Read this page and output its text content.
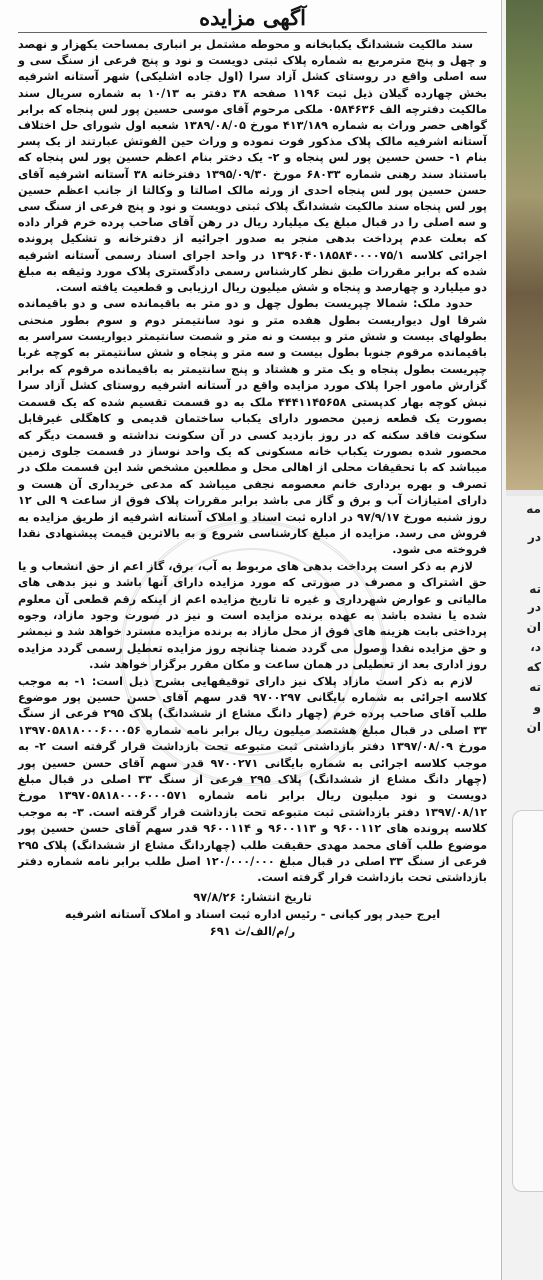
آگهی مزایده

سند مالکیت ششدانگ یکبابخانه و محوطه مشتمل بر انباری بمساحت یکهزار و نهصد و چهل و پنج مترمربع به شماره پلاک ثبتی دویست و نود و پنج فرعی از سنگ سی و سه اصلی واقع در روستای کشل آزاد سرا (اول جاده اشلیکی) شهر آستانه اشرفیه بخش چهارده گیلان ذیل ثبت ۱۱۹۶ صفحه ۳۸ دفتر به ۱۰/۱۳ به شماره سریال سند مالکیت دفترچه الف ۰۵۸۴۶۳۶ ملکی مرحوم آقای موسی حسین پور لس پنجاه که برابر گواهی حصر وراث به شماره ۴۱۳/۱۸۹ مورخ ۱۳۸۹/۰۸/۰۵ شعبه اول شورای حل اختلاف آستانه اشرفیه مالک پلاک مذکور فوت نموده و وراث حین الفوتش عبارتند از یک پسر بنام ۱- حسن حسین پور لس پنجاه و ۲- یک دختر بنام اعظم حسین پور لس پنجاه که باستناد سند رهنی شماره ۶۸۰۳۳ مورخ ۱۳۹۵/۰۹/۳۰ دفترخانه ۳۸ آستانه اشرفیه آقای حسن حسین پور لس پنجاه احدی از ورثه مالک اصالتا و وکالتا از جانب اعظم حسین پور لس پنجاه سند مالکیت ششدانگ پلاک ثبتی دویست و نود و پنج فرعی از سنگ سی و سه اصلی را در قبال مبلغ یک میلیارد ریال در رهن آقای صاحب پرده خرم قرار داده که بعلت عدم پرداخت بدهی منجر به صدور اجرائیه از دفترخانه و تشکیل پرونده اجرائی کلاسه ۱۳۹۶۰۴۰۱۸۵۸۴۰۰۰۰۷۵/۱ در واحد اجرای اسناد رسمی آستانه اشرفیه شده که برابر مقررات طبق نظر کارشناس رسمی دادگستری پلاک مورد وثیقه به مبلغ دو میلیارد و چهارصد و پنجاه و شش میلیون ریال ارزیابی و قطعیت یافته است.

حدود ملک: شمالا چپریست بطول چهل و دو متر به باقیمانده سی و دو باقیمانده شرقا اول دیواریست بطول هفده متر و نود سانتیمتر دوم و سوم بطور منحنی بطولهای بیست و شش متر و بیست و نه متر و شصت سانتیمتر دیواریست سراسر به باقیمانده مرقوم جنوبا بطول بیست و سه متر و پنجاه و شش سانتیمتر به کوچه غربا چپریست بطول پنجاه و یک متر و هشتاد و پنج سانتیمتر به باقیمانده مرقوم که برابر گزارش مامور اجرا پلاک مورد مزایده واقع در آستانه اشرفیه روستای کشل آزاد سرا نبش کوچه بهار کدپستی ۴۴۴۱۱۴۵۶۵۸ ملک به دو قسمت تقسیم شده که یک قسمت بصورت یک قطعه زمین محصور دارای یکباب ساختمان قدیمی و کاهگلی غیرقابل سکونت فاقد سکنه که در روز بازدید کسی در آن سکونت نداشته و قسمت دیگر که محصور شده بصورت یکباب خانه مسکونی که یک واحد نوساز در قسمت جلوی زمین میباشد که با تحقیقات محلی از اهالی محل و مطلعین مشخص شد این قسمت ملک در تصرف و بهره برداری خانم معصومه نجفی میباشد که مدعی خریداری آن هست و دارای امتیازات آب و برق و گاز می باشد برابر مقررات پلاک فوق از ساعت ۹ الی ۱۲ روز شنبه مورخ ۹۷/۹/۱۷ در اداره ثبت اسناد و املاک آستانه اشرفیه از طریق مزایده به فروش می رسد. مزایده از مبلغ کارشناسی شروع و به بالاترین قیمت پیشنهادی نقدا فروخته می شود.

لازم به ذکر است پرداخت بدهی های مربوط به آب، برق، گاز اعم از حق انشعاب و یا حق اشتراک و مصرف در صورتی که مورد مزایده دارای آنها باشد و نیز بدهی های مالیاتی و عوارض شهرداری و غیره تا تاریخ مزایده اعم از اینکه رقم قطعی آن معلوم شده یا نشده باشد به عهده برنده مزایده است و نیز در صورت وجود مازاد، وجوه پرداختی بابت هزینه های فوق از محل مازاد به برنده مزایده مسترد خواهد شد و نیمشر و حق مزایده نقدا وصول می گردد ضمنا چنانچه روز مزایده تعطیل رسمی گردد مزایده روز اداری بعد از تعطیلی در همان ساعت و مکان مقرر برگزار خواهد شد.

لازم به ذکر است مازاد پلاک نیز دارای توقیفهایی بشرح ذیل است: ۱- به موجب کلاسه اجرائی به شماره بایگانی ۹۷۰۰۲۹۷ قدر سهم آقای حسن حسین پور موضوع طلب آقای صاحب پرده خرم (چهار دانگ مشاع از ششدانگ) پلاک ۲۹۵ فرعی از سنگ ۳۳ اصلی در قبال مبلغ هشتصد میلیون ریال برابر نامه شماره ۱۳۹۷۰۵۸۱۸۰۰۰۶۰۰۰۵۶ مورخ ۱۳۹۷/۰۸/۰۹ دفتر بازداشتی ثبت متبوعه تحت بازداشت قرار گرفته است ۲- به موجب کلاسه اجرائی به شماره بایگانی ۹۷۰۰۲۷۱ قدر سهم آقای حسن حسین پور (چهار دانگ مشاع از ششدانگ) پلاک ۲۹۵ فرعی از سنگ ۳۳ اصلی در قبال مبلغ دویست و نود میلیون ریال برابر نامه شماره ۱۳۹۷۰۵۸۱۸۰۰۰۶۰۰۰۵۷۱ مورخ ۱۳۹۷/۰۸/۱۲ دفتر بازداشتی ثبت متبوعه تحت بازداشت قرار گرفته است. ۳- به موجب کلاسه پرونده های ۹۶۰۰۱۱۲ و ۹۶۰۰۱۱۳ و ۹۶۰۰۱۱۴ قدر سهم آقای حسن حسین پور موضوع طلب آقای محمد مهدی حقیقت طلب (چهاردانگ مشاع از ششدانگ) پلاک ۲۹۵ فرعی از سنگ ۳۳ اصلی در قبال مبلغ ۱۲۰/۰۰۰/۰۰۰ اصل طلب برابر نامه شماره دفتر بازداشتی تحت بازداشت قرار گرفته است.

تاریخ انتشار: ۹۷/۸/۲۶
ایرج حیدر پور کیانی - رئیس اداره ثبت اسناد و املاک آستانه اشرفیه
ر/م/الف/ث ۶۹۱
مه
در
ته
در
ان
د،
که
ته
و
ان
